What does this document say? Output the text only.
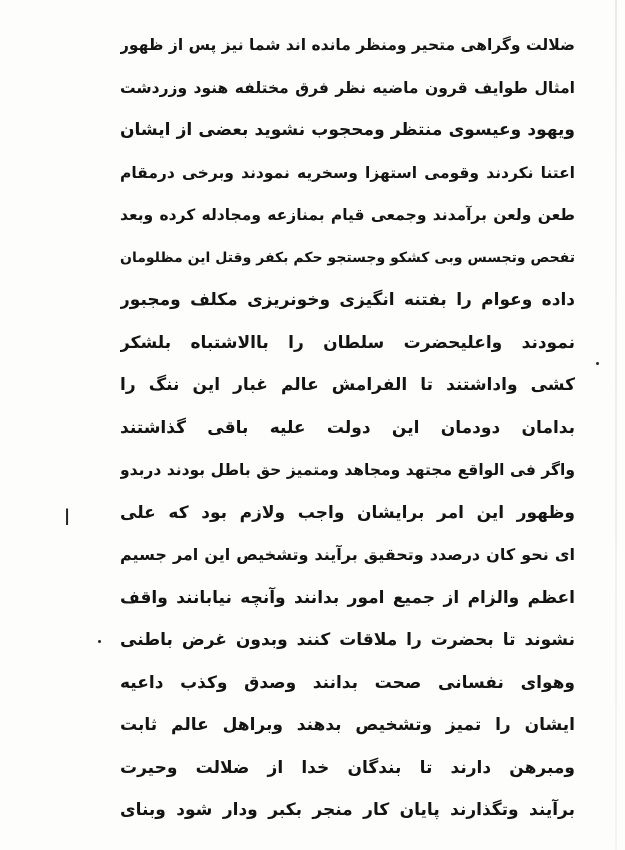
ا
ضلالت وگراهی متحیر ومنظر مانده اند شما نیز پس از ظهور
امثال طوایف قرون ماضیه نظر فرق مختلفه هنود وزردشت
ویهود وعیسوی منتظر ومحجوب نشوید بعضی از ایشان
اعتنا نکردند وقومی استهزا وسخریه نمودند وبرخی درمقام
طعن ولعن برآمدند وجمعی قیام بمنازعه ومجادله کرده وبعد
تفحص وتجسس وبی کشکو وجستجو حکم بکفر وقتل این مظلومان
داده وعوام را بفتنه انگیزی وخونریزی مکلف ومجبور
نمودند واعلیحضرت سلطان را باالاشتباه بلشکر
کشی واداشتند تا الفرامش عالم غبار این ننگ را
بدامان دودمان این دولت علیه باقی گذاشتند
واگر فی الواقع مجتهد ومجاهد ومتمیز حق باطل بودند دربدو
وظهور این امر برایشان واجب ولازم بود که علی
ای نحو کان درصدد وتحقیق برآیند وتشخیص این امر جسیم
اعظم والزام از جمیع امور بدانند وآنچه نیابانند واقف
نشوند تا بحضرت را ملاقات کنند وبدون غرض باطنی
وهوای نفسانی صحت بدانند وصدق وکذب داعیه
ایشان را تمیز وتشخیص بدهند وبراهل عالم ثابت
ومبرهن دارند تا بندگان خدا از ضلالت وحیرت
برآیند وتگذارند پایان کار منجر بکبر ودار شود وبنای
